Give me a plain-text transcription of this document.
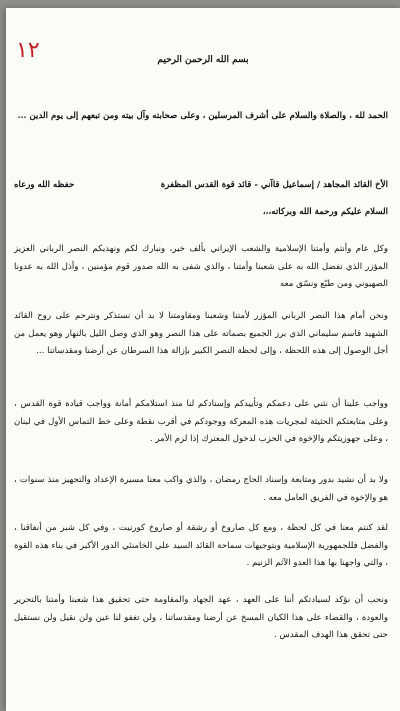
١٢	بسم الله الرحمن الرحيم

الحمد لله ، والصلاة والسلام على أشرف المرسلين ، وعلى صحابته وآل بيته ومن تبعهم إلى يوم الدين ...

الأخ القائد المجاهد / إسماعيل قاآني - قائد قوة القدس المظفرة
حفظه الله ورعاه

السلام عليكم ورحمة الله وبركاته،،،

وكل عام وأنتم وأمتنا الإسلامية والشعب الإيراني بألف خير، ونبارك لكم ونهديكم النصر الرباني العزيز المؤزر الذي تفضل الله به على شعبنا وأمتنا ، والذي شفى به الله صدور قوم مؤمنين ، وأذل الله به عدونا الصهيوني ومن طبّع ونسّق معه

ونحن أمام هذا النصر الرباني المؤزر لأمتنا وشعبنا ومقاومتنا لا بد أن نستذكر ونترحم على روح القائد الشهيد قاسم سليماني الذي برز الجميع بصماته على هذا النصر وهو الذي وصل الليل بالنهار وهو يعمل من أجل الوصول إلى هذه اللحظة ، وإلى لحظة النصر الكبير بإزالة هذا السرطان عن أرضنا ومقدساتنا ...

وواجب علينا أن نثني على دعمكم وتأييدكم وإسنادكم لنا منذ استلامكم أمانة وواجب قيادة قوة القدس ، وعلى متابعتكم الحثيثة لمجريات هذه المعركة ووجودكم في أقرب نقطة وعلى خط التماس الأول في لبنان ، وعلى جهوزيتكم والإخوة في الحزب لدخول المعترك إذا لزم الأمر .

ولا بد أن نشيد بدور ومتابعة وإسناد الحاج رمضان ، والذي واكب معنا مسيرة الإعداد والتجهيز منذ سنوات ، هو والإخوة في الفريق العامل معه .

لقد كنتم معنا في كل لحظة ، ومع كل صاروخ أو رشقة أو صاروخ كورنيت ، وفي كل شبر من أنفاقنا ، والفضل فللجمهورية الإسلامية وبتوجيهات سماحة القائد السيد علي الخامنئي الدور الأكبر في بناء هذه القوة ، والتي واجهنا بها هذا العدو الآثم الزنيم .

ونحب أن نؤكد لسيادتكم أننا على العهد ، عهد الجهاد والمقاومة حتى تحقيق هذا شعبنا وأمتنا بالتحرير والعودة ، والقضاء على هذا الكيان المسخ عن أرضنا ومقدساتنا ، ولن تغفو لنا عين ولن نقيل ولن نستقيل حتى تحقق هذا الهدف المقدس .
